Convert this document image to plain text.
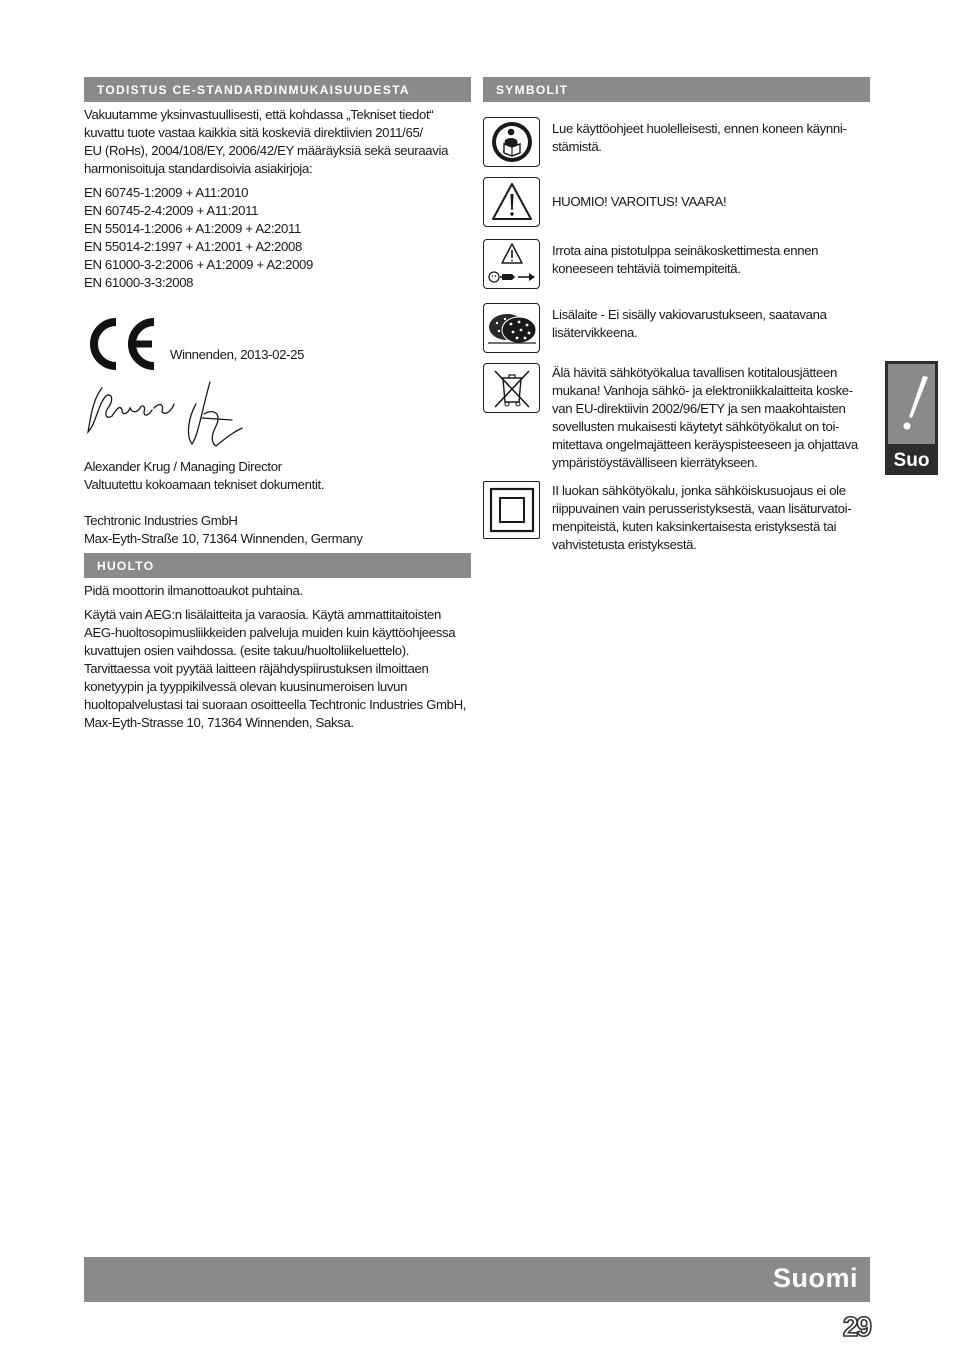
TODISTUS CE-STANDARDINMUKAISUUDESTA

Vakuutamme yksinvastuullisesti, että kohdassa „Tekniset tiedot“

kuvattu tuote vastaa kaikkia sitä koskeviä direktiivien 2011/65/

EU (RoHs), 2004/108/EY, 2006/42/EY määräyksiä sekä seuraavia

harmonisoituja standardisoivia asiakirjoja:

EN 60745-1:2009 + A11:2010

EN 60745-2-4:2009 + A11:2011

EN 55014-1:2006 + A1:2009 + A2:2011

EN 55014-2:1997 + A1:2001 + A2:2008

EN 61000-3-2:2006 + A1:2009 + A2:2009

EN 61000-3-3:2008

Winnenden, 2013-02-25

Alexander Krug / Managing Director

Valtuutettu kokoamaan tekniset dokumentit.

Techtronic Industries GmbH

Max-Eyth-Straße 10, 71364 Winnenden, Germany

HUOLTO

Pidä moottorin ilmanottoaukot puhtaina.

Käytä vain AEG:n lisälaitteita ja varaosia. Käytä ammattitaitoisten

AEG-huoltosopimusliikkeiden palveluja muiden kuin käyttöohjeessa

kuvattujen osien vaihdossa. (esite takuu/huoltoliikeluettelo).

Tarvittaessa voit pyytää laitteen räjähdyspiirustuksen ilmoittaen

konetyypin ja tyyppikilvessä olevan kuusinumeroisen luvun

huoltopalvelustasi tai suoraan osoitteella Techtronic Industries GmbH,

Max-Eyth-Strasse 10, 71364 Winnenden, Saksa.

SYMBOLIT

Lue käyttöohjeet huolelleisesti, ennen koneen käynni-

stämistä.

HUOMIO! VAROITUS! VAARA!

Irrota aina pistotulppa seinäkoskettimesta ennen

koneeseen tehtäviä toimempiteitä.

Lisälaite - Ei sisälly vakiovarustukseen, saatavana

lisätervikkeena.

Älä hävitä sähkötyökalua tavallisen kotitalousjätteen

mukana! Vanhoja sähkö- ja elektroniikkalaitteita koske-

van EU-direktiivin 2002/96/ETY ja sen maakohtaisten

sovellusten mukaisesti käytetyt sähkötyökalut on toi-

mitettava ongelmajätteen keräyspisteeseen ja ohjattava

ympäristöystävälliseen kierrätykseen.

II luokan sähkötyökalu, jonka sähköiskusuojaus ei ole

riippuvainen vain perusseristyksestä, vaan lisäturvatoi-

menpiteistä, kuten kaksinkertaisesta eristyksestä tai

vahvistetusta eristyksestä.

Suo
Suomi
29
